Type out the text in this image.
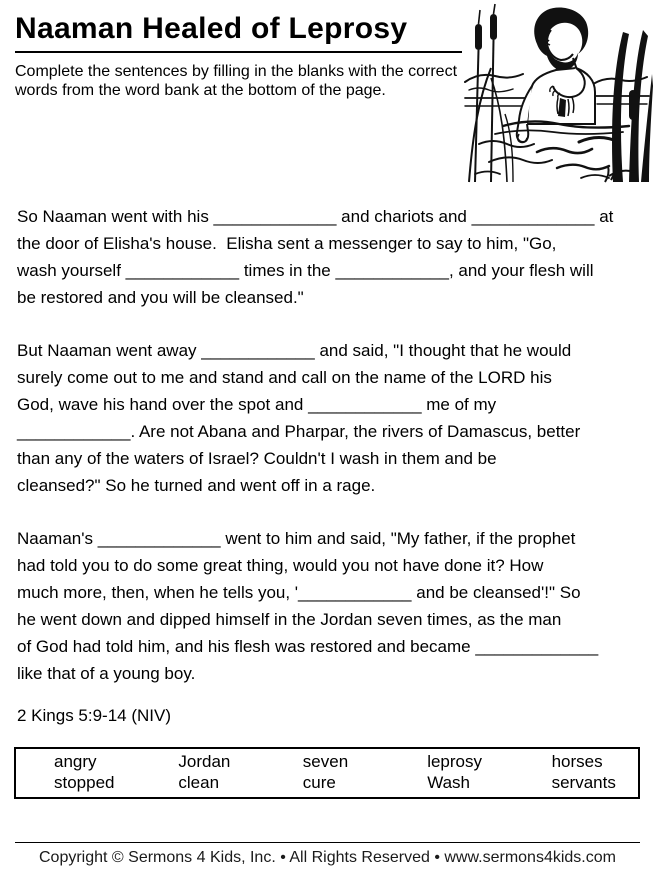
Naaman Healed of Leprosy
Complete the sentences by filling in the blanks with the correct
words from the word bank at the bottom of the page.

So Naaman went with his _____________ and chariots and _____________ at
the door of Elisha's house.  Elisha sent a messenger to say to him, "Go,
wash yourself ____________ times in the ____________, and your flesh will
be restored and you will be cleansed."

But Naaman went away ____________ and said, "I thought that he would
surely come out to me and stand and call on the name of the LORD his
God, wave his hand over the spot and ____________ me of my
____________. Are not Abana and Pharpar, the rivers of Damascus, better
than any of the waters of Israel? Couldn't I wash in them and be
cleansed?" So he turned and went off in a rage.

Naaman's _____________ went to him and said, "My father, if the prophet
had told you to do some great thing, would you not have done it? How
much more, then, when he tells you, '____________ and be cleansed'!" So
he went down and dipped himself in the Jordan seven times, as the man
of God had told him, and his flesh was restored and became _____________
like that of a young boy.

2 Kings 5:9-14 (NIV)
angry	Jordan	seven	leprosy	horses
stopped	clean	cure	Wash	servants
Copyright © Sermons 4 Kids, Inc. • All Rights Reserved • www.sermons4kids.com
